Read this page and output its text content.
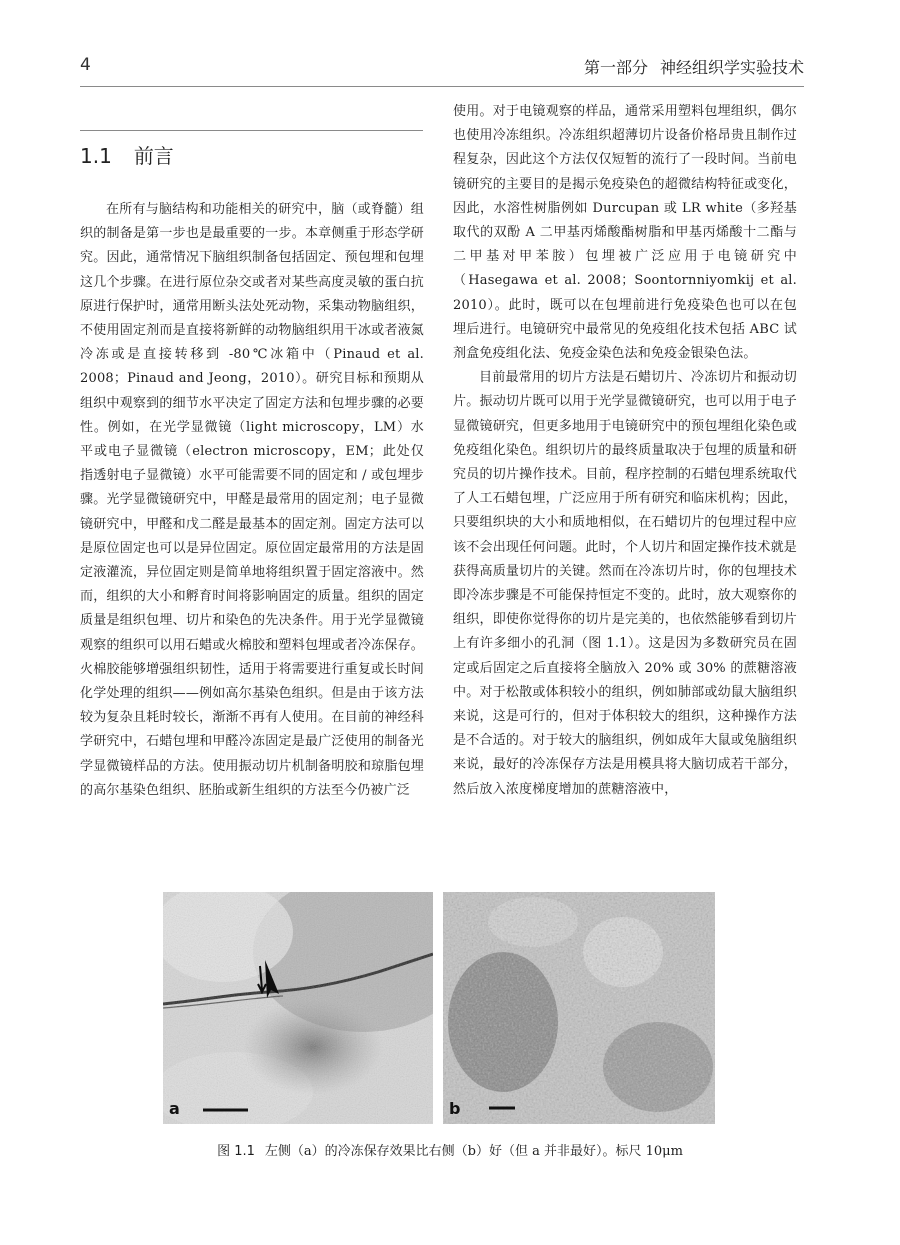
4	第一部分 神经组织学实验技术
1.1 前言

在所有与脑结构和功能相关的研究中，脑（或脊髓）组织的制备是第一步也是最重要的一步。本章侧重于形态学研究。因此，通常情况下脑组织制备包括固定、预包埋和包埋这几个步骤。在进行原位杂交或者对某些高度灵敏的蛋白抗原进行保护时，通常用断头法处死动物，采集动物脑组织，不使用固定剂而是直接将新鲜的动物脑组织用干冰或者液氮冷冻或是直接转移到 -80℃冰箱中（Pinaud et al. 2008；Pinaud and Jeong，2010）。研究目标和预期从组织中观察到的细节水平决定了固定方法和包埋步骤的必要性。例如，在光学显微镜（light microscopy，LM）水平或电子显微镜（electron microscopy，EM；此处仅指透射电子显微镜）水平可能需要不同的固定和 / 或包埋步骤。光学显微镜研究中，甲醛是最常用的固定剂；电子显微镜研究中，甲醛和戊二醛是最基本的固定剂。固定方法可以是原位固定也可以是异位固定。原位固定最常用的方法是固定液灌流，异位固定则是简单地将组织置于固定溶液中。然而，组织的大小和孵育时间将影响固定的质量。组织的固定质量是组织包埋、切片和染色的先决条件。用于光学显微镜观察的组织可以用石蜡或火棉胶和塑料包埋或者冷冻保存。火棉胶能够增强组织韧性，适用于将需要进行重复或长时间化学处理的组织——例如高尔基染色组织。但是由于该方法较为复杂且耗时较长，渐渐不再有人使用。在目前的神经科学研究中，石蜡包埋和甲醛冷冻固定是最广泛使用的制备光学显微镜样品的方法。使用振动切片机制备明胶和琼脂包埋的高尔基染色组织、胚胎或新生组织的方法至今仍被广泛

使用。对于电镜观察的样品，通常采用塑料包埋组织，偶尔也使用冷冻组织。冷冻组织超薄切片设备价格昂贵且制作过程复杂，因此这个方法仅仅短暂的流行了一段时间。当前电镜研究的主要目的是揭示免疫染色的超微结构特征或变化，因此，水溶性树脂例如 Durcupan 或 LR white（多羟基取代的双酚 A 二甲基丙烯酸酯树脂和甲基丙烯酸十二酯与二甲基对甲苯胺）包埋被广泛应用于电镜研究中（Hasegawa et al. 2008；Soontornniyomkij et al. 2010）。此时，既可以在包埋前进行免疫染色也可以在包埋后进行。电镜研究中最常见的免疫组化技术包括 ABC 试剂盒免疫组化法、免疫金染色法和免疫金银染色法。

目前最常用的切片方法是石蜡切片、冷冻切片和振动切片。振动切片既可以用于光学显微镜研究，也可以用于电子显微镜研究，但更多地用于电镜研究中的预包埋组化染色或免疫组化染色。组织切片的最终质量取决于包埋的质量和研究员的切片操作技术。目前，程序控制的石蜡包埋系统取代了人工石蜡包埋，广泛应用于所有研究和临床机构；因此，只要组织块的大小和质地相似，在石蜡切片的包埋过程中应该不会出现任何问题。此时，个人切片和固定操作技术就是获得高质量切片的关键。然而在冷冻切片时，你的包埋技术即冷冻步骤是不可能保持恒定不变的。此时，放大观察你的组织，即使你觉得你的切片是完美的，也依然能够看到切片上有许多细小的孔洞（图 1.1）。这是因为多数研究员在固定或后固定之后直接将全脑放入 20% 或 30% 的蔗糖溶液中。对于松散或体积较小的组织，例如肺部或幼鼠大脑组织来说，这是可行的，但对于体积较大的组织，这种操作方法是不合适的。对于较大的脑组织，例如成年大鼠或兔脑组织来说，最好的冷冻保存方法是用模具将大脑切成若干部分，然后放入浓度梯度增加的蔗糖溶液中，

a	b
图 1.1 左侧（a）的冷冻保存效果比右侧（b）好（但 a 并非最好）。标尺 10μm
